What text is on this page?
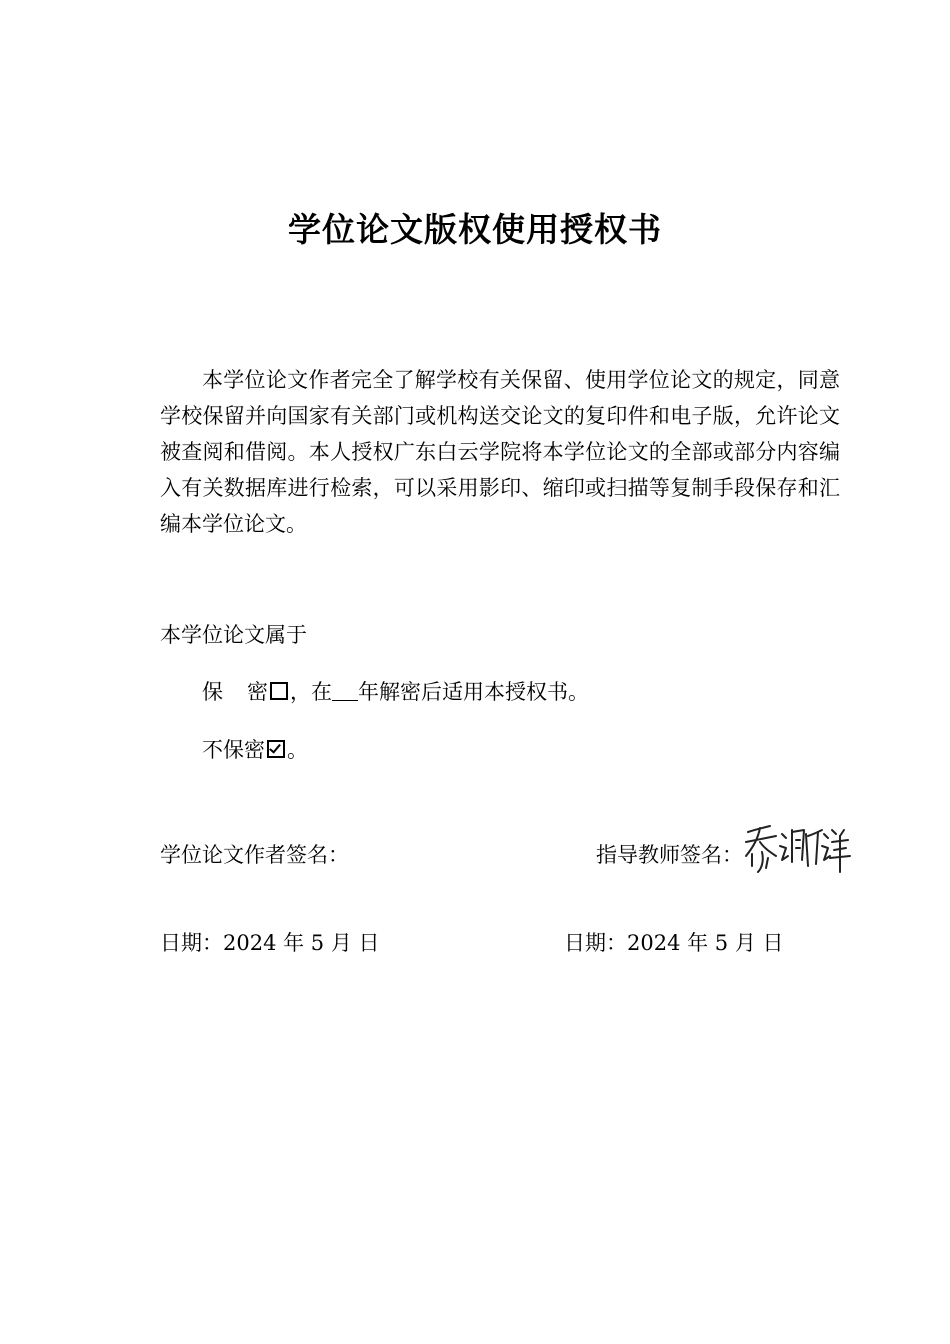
学位论文版权使用授权书
本学位论文作者完全了解学校有关保留、使用学位论文的规定，同意学校保留并向国家有关部门或机构送交论文的复印件和电子版，允许论文被查阅和借阅。本人授权广东白云学院将本学位论文的全部或部分内容编入有关数据库进行检索，可以采用影印、缩印或扫描等复制手段保存和汇编本学位论文。
本学位论文属于
保 密 ，在 年解密后适用本授权书。
不保密 。
学位论文作者签名：	指导教师签名：
日期：2024 年 5 月 日	日期：2024 年 5 月 日
